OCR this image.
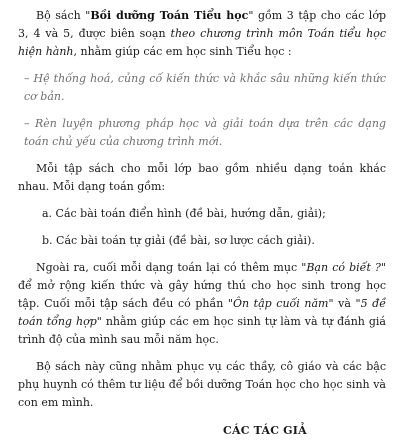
Bộ sách "Bồi dưỡng Toán Tiểu học" gồm 3 tập cho các lớp 3, 4 và 5, được biên soạn theo chương trình môn Toán tiểu học hiện hành, nhằm giúp các em học sinh Tiểu học :

– Hệ thống hoá, củng cố kiến thức và khắc sâu những kiến thức cơ bản.

– Rèn luyện phương pháp học và giải toán dựa trên các dạng toán chủ yếu của chương trình mới.

Mỗi tập sách cho mỗi lớp bao gồm nhiều dạng toán khác nhau. Mỗi dạng toán gồm:

a. Các bài toán điển hình (đề bài, hướng dẫn, giải);

b. Các bài toán tự giải (đề bài, sơ lược cách giải).

Ngoài ra, cuối mỗi dạng toán lại có thêm mục "Bạn có biết ?" để mở rộng kiến thức và gây hứng thú cho học sinh trong học tập. Cuối mỗi tập sách đều có phần "Ôn tập cuối năm" và "5 đề toán tổng hợp" nhằm giúp các em học sinh tự làm và tự đánh giá trình độ của mình sau mỗi năm học.

Bộ sách này cũng nhằm phục vụ các thầy, cô giáo và các bậc phụ huynh có thêm tư liệu để bồi dưỡng Toán học cho học sinh và con em mình.

CÁC TÁC GIẢ
